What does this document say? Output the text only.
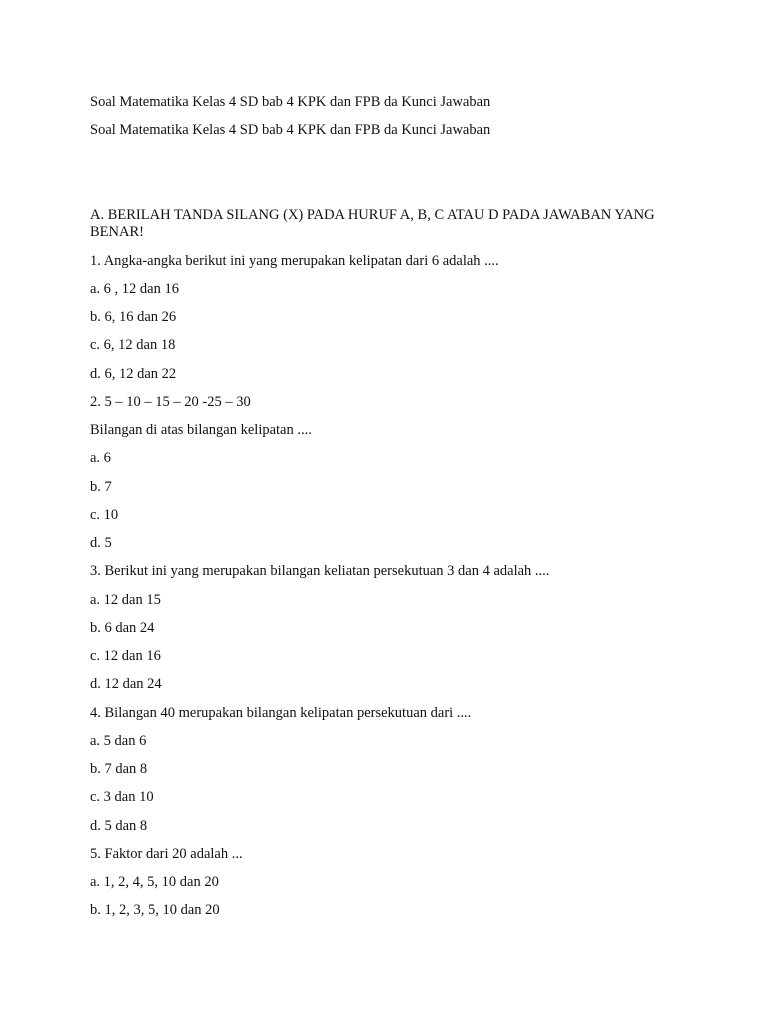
Soal Matematika Kelas 4 SD bab 4 KPK dan FPB da Kunci Jawaban
Soal Matematika Kelas 4 SD bab 4 KPK dan FPB da Kunci Jawaban
A. BERILAH TANDA SILANG (X) PADA HURUF A, B, C ATAU D PADA JAWABAN YANG BENAR!
1. Angka-angka berikut ini yang merupakan kelipatan dari 6 adalah ....
a. 6 , 12 dan 16
b. 6, 16 dan 26
c. 6, 12 dan 18
d. 6, 12 dan 22
2. 5 – 10 – 15 – 20 -25 – 30
Bilangan di atas bilangan kelipatan ....
a. 6
b. 7
c. 10
d. 5
3. Berikut ini yang merupakan bilangan keliatan persekutuan 3 dan 4 adalah ....
a. 12 dan 15
b. 6 dan 24
c. 12 dan 16
d. 12 dan 24
4. Bilangan 40 merupakan bilangan kelipatan persekutuan dari ....
a. 5 dan 6
b. 7 dan 8
c. 3 dan 10
d. 5 dan 8
5. Faktor dari 20 adalah ...
a. 1, 2, 4, 5, 10 dan 20
b. 1, 2, 3, 5, 10 dan 20
